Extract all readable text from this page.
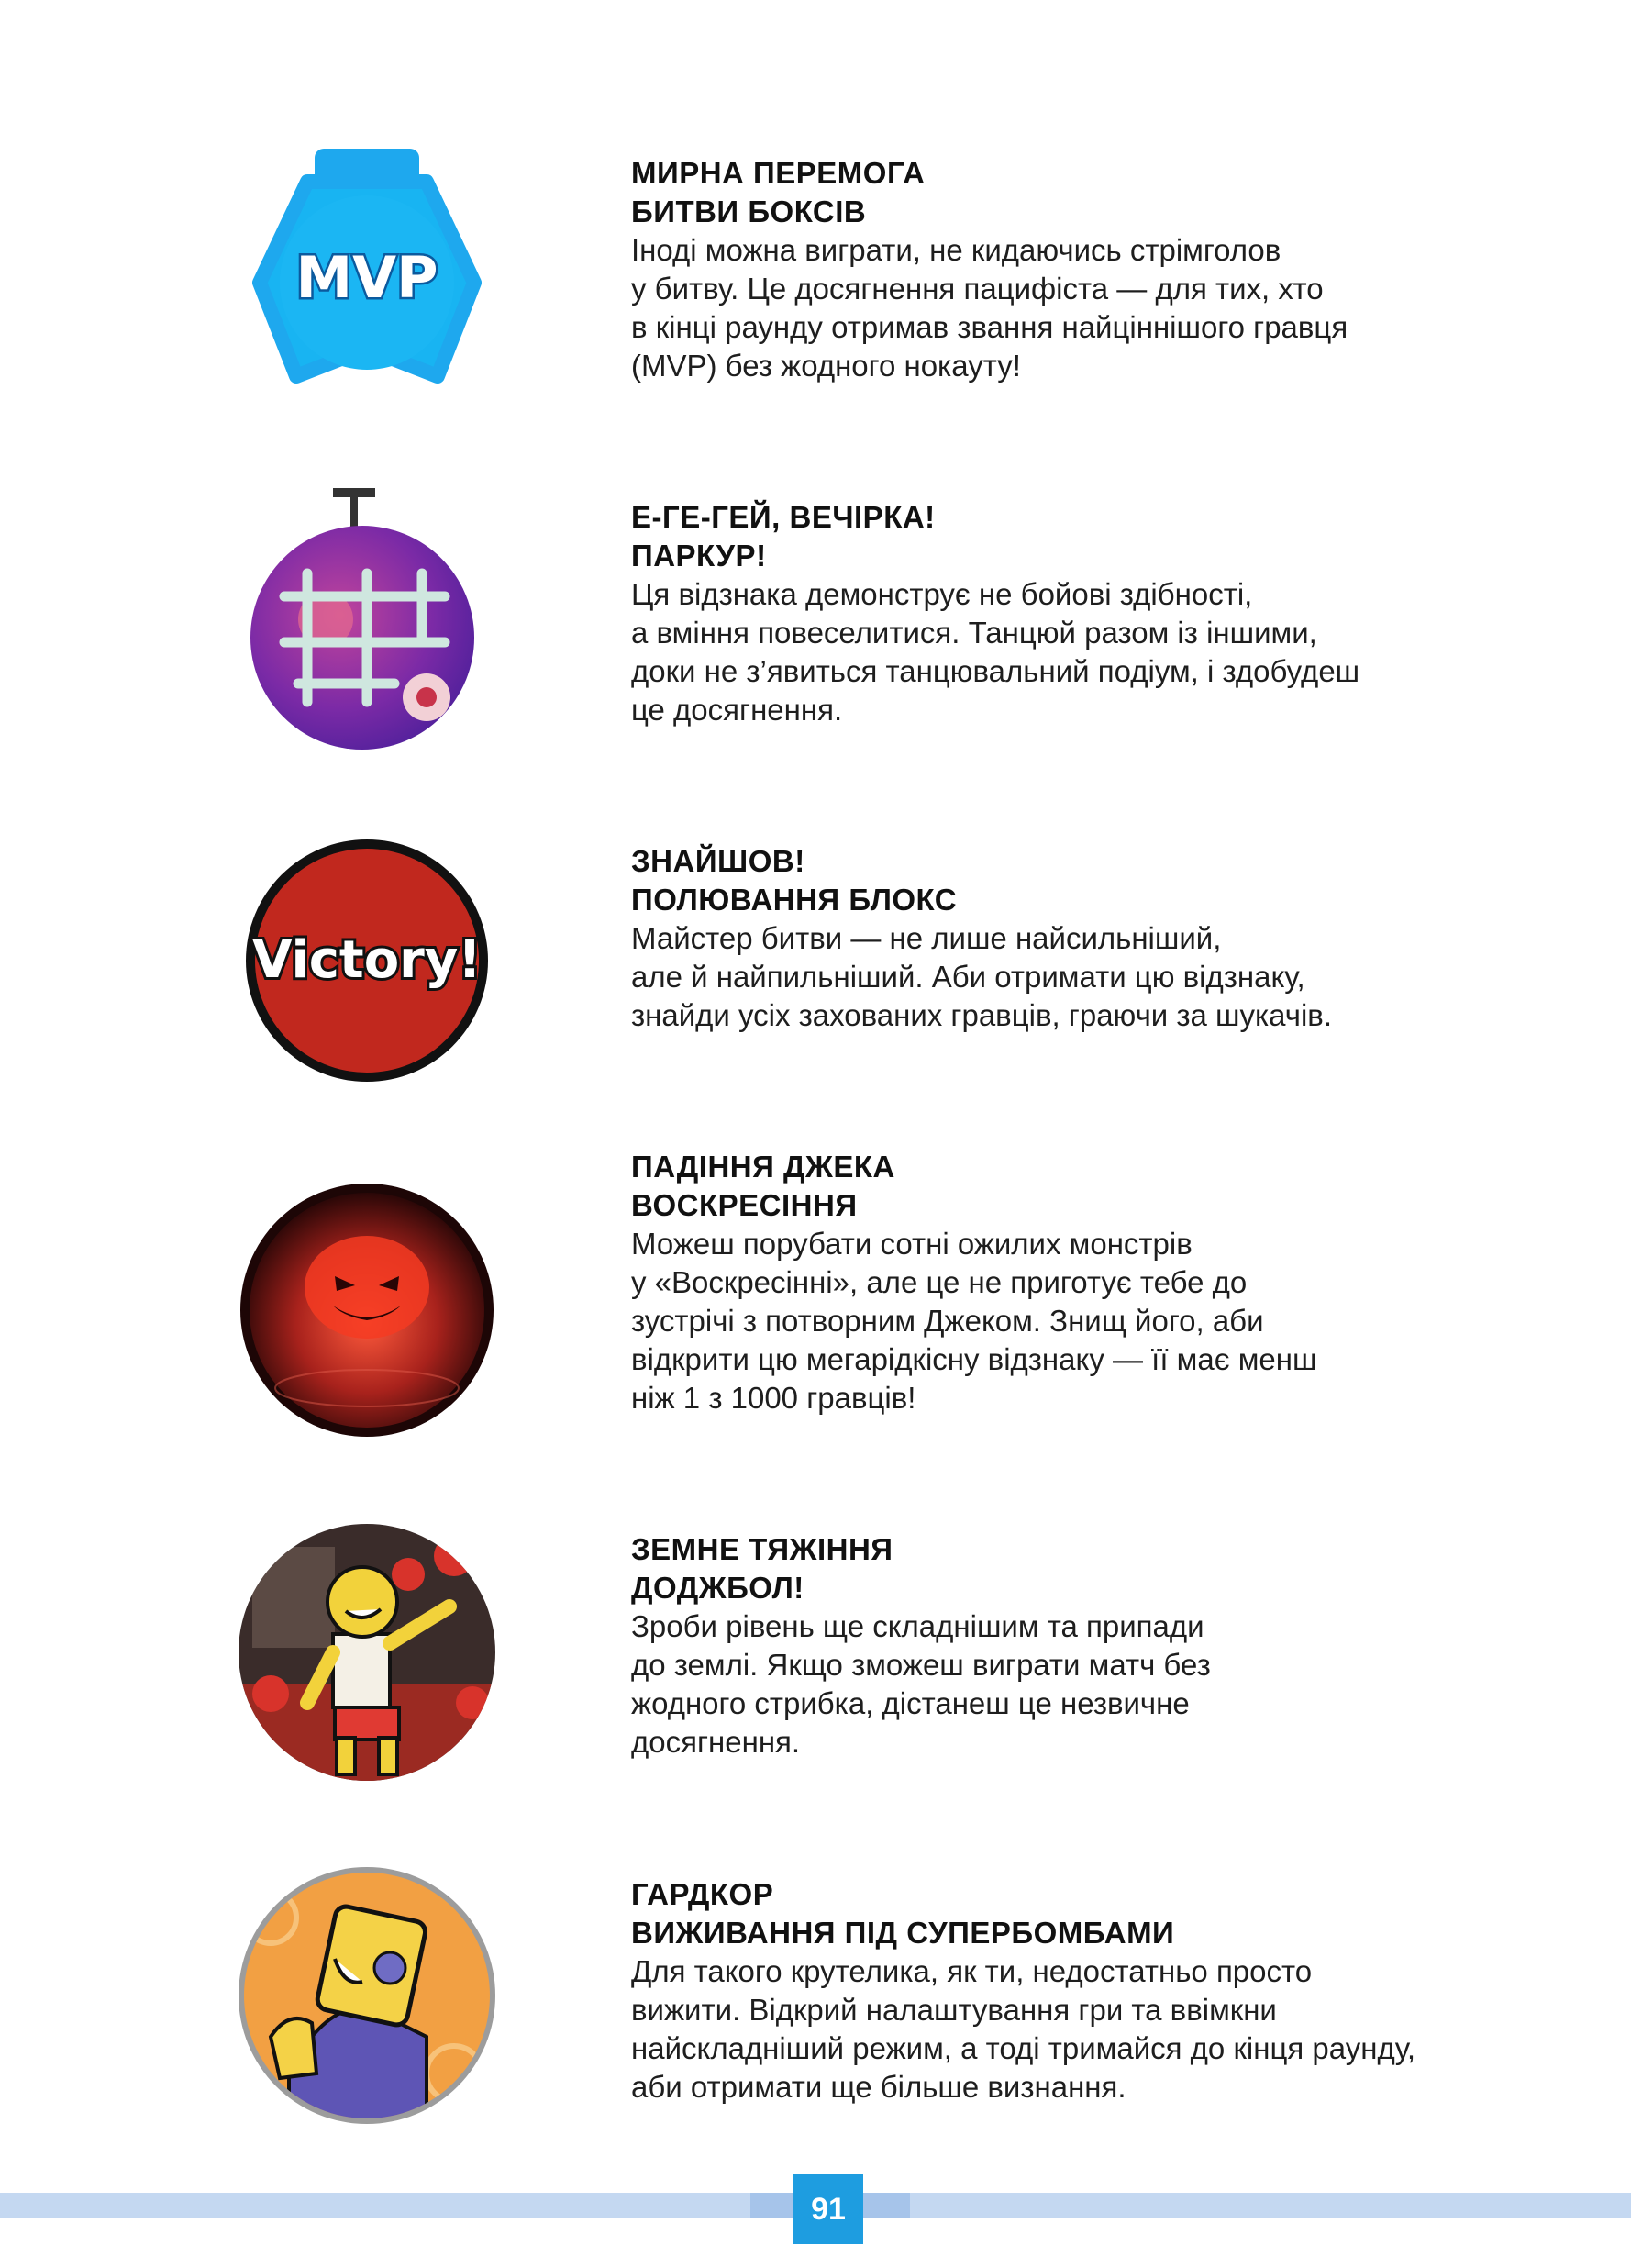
MVP

МИРНА ПЕРЕМОГА

БИТВИ БОКСІВ

Іноді можна виграти, не кидаючись стрімголов

у битву. Це досягнення пацифіста — для тих, хто

в кінці раунду отримав звання найціннішого гравця

(MVP) без жодного нокауту!

Е-ГЕ-ГЕЙ, ВЕЧІРКА!

ПАРКУР!

Ця відзнака демонструє не бойові здібності,

а вміння повеселитися. Танцюй разом із іншими,

доки не з’явиться танцювальний подіум, і здобудеш

це досягнення.

Victory!

ЗНАЙШОВ!

ПОЛЮВАННЯ БЛОКС

Майстер битви — не лише найсильніший,

але й найпильніший. Аби отримати цю відзнаку,

знайди усіх захованих гравців, граючи за шукачів.

ПАДІННЯ ДЖЕКА

ВОСКРЕСІННЯ

Можеш порубати сотні ожилих монстрів

у «Воскресінні», але це не приготує тебе до

зустрічі з потворним Джеком. Знищ його, аби

відкрити цю мегарідкісну відзнаку — її має менш

ніж 1 з 1000 гравців!

ЗЕМНЕ ТЯЖІННЯ

ДОДЖБОЛ!

Зроби рівень ще складнішим та припади

до землі. Якщо зможеш виграти матч без

жодного стрибка, дістанеш це незвичне

досягнення.

ГАРДКОР

ВИЖИВАННЯ ПІД СУПЕРБОМБАМИ

Для такого крутелика, як ти, недостатньо просто

вижити. Відкрий налаштування гри та ввімкни

найскладніший режим, а тоді тримайся до кінця раунду,

аби отримати ще більше визнання.

91
